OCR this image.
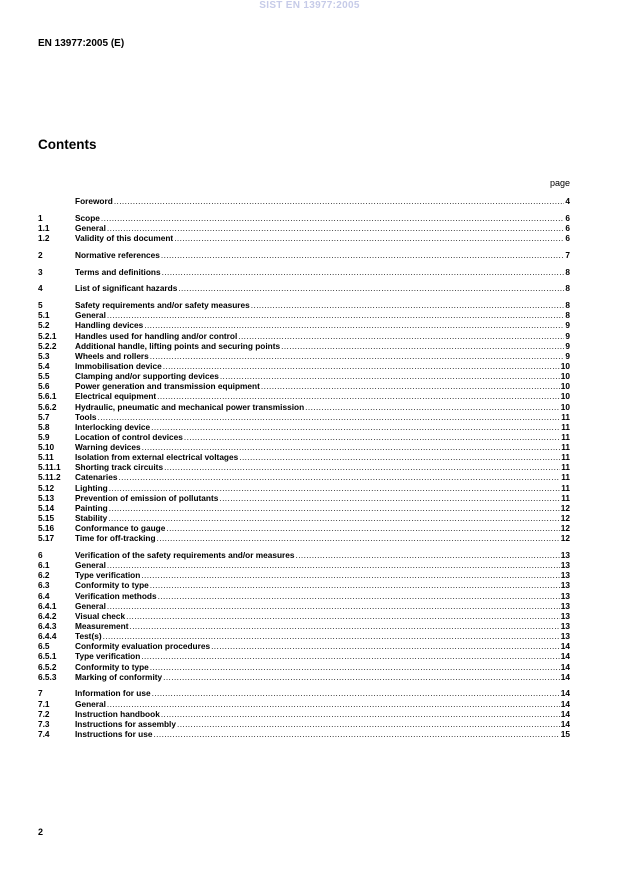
SIST EN 13977:2005
EN 13977:2005 (E)
Contents
page
Foreword .....	4
1	Scope .....	6
1.1	General .....	6
1.2	Validity of this document .....	6
2	Normative references .....	7
3	Terms and definitions .....	8
4	List of significant hazards .....	8
5	Safety requirements and/or safety measures .....	8
5.1	General .....	8
5.2	Handling devices .....	9
5.2.1	Handles used for handling and/or control .....	9
5.2.2	Additional handle, lifting points and securing points .....	9
5.3	Wheels and rollers .....	9
5.4	Immobilisation device .....	10
5.5	Clamping and/or supporting devices .....	10
5.6	Power generation and transmission equipment .....	10
5.6.1	Electrical equipment .....	10
5.6.2	Hydraulic, pneumatic and mechanical power transmission .....	10
5.7	Tools .....	11
5.8	Interlocking device .....	11
5.9	Location of control devices .....	11
5.10	Warning devices .....	11
5.11	Isolation from external electrical voltages .....	11
5.11.1	Shorting track circuits .....	11
5.11.2	Catenaries .....	11
5.12	Lighting .....	11
5.13	Prevention of emission of pollutants .....	11
5.14	Painting .....	12
5.15	Stability .....	12
5.16	Conformance to gauge .....	12
5.17	Time for off-tracking .....	12
6	Verification of the safety requirements and/or measures .....	13
6.1	General .....	13
6.2	Type verification .....	13
6.3	Conformity to type .....	13
6.4	Verification methods .....	13
6.4.1	General .....	13
6.4.2	Visual check .....	13
6.4.3	Measurement .....	13
6.4.4	Test(s) .....	13
6.5	Conformity evaluation procedures .....	14
6.5.1	Type verification .....	14
6.5.2	Conformity to type .....	14
6.5.3	Marking of conformity .....	14
7	Information for use .....	14
7.1	General .....	14
7.2	Instruction handbook .....	14
7.3	Instructions for assembly .....	14
7.4	Instructions for use .....	15
2
